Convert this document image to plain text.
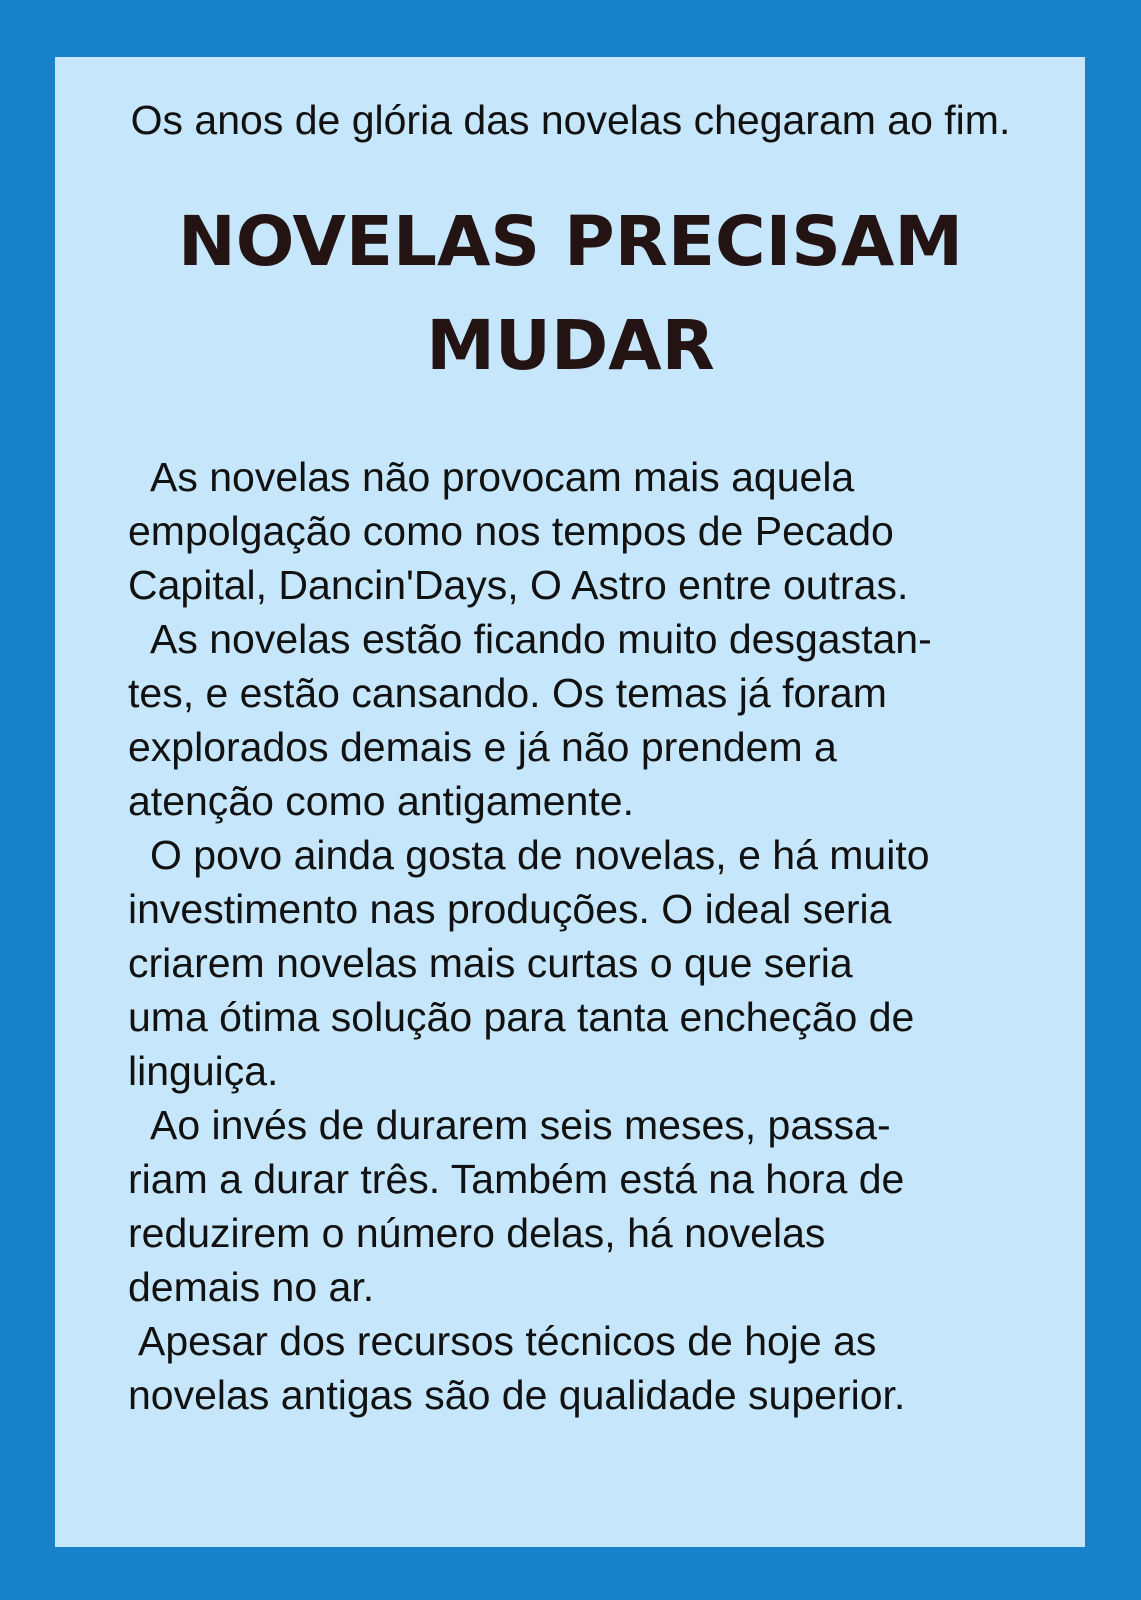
Os anos de glória das novelas chegaram ao fim.
NOVELAS PRECISAM
MUDAR
As novelas não provocam mais aquela
empolgação como nos tempos de Pecado
Capital, Dancin'Days, O Astro entre outras.
As novelas estão ficando muito desgastan-
tes, e estão cansando. Os temas já foram
explorados demais e já não prendem a
atenção como antigamente.
O povo ainda gosta de novelas, e há muito
investimento nas produções. O ideal seria
criarem novelas mais curtas o que seria
uma ótima solução para tanta encheção de
linguiça.
Ao invés de durarem seis meses, passa-
riam a durar três. Também está na hora de
reduzirem o número delas, há novelas
demais no ar.
Apesar dos recursos técnicos de hoje as
novelas antigas são de qualidade superior.
